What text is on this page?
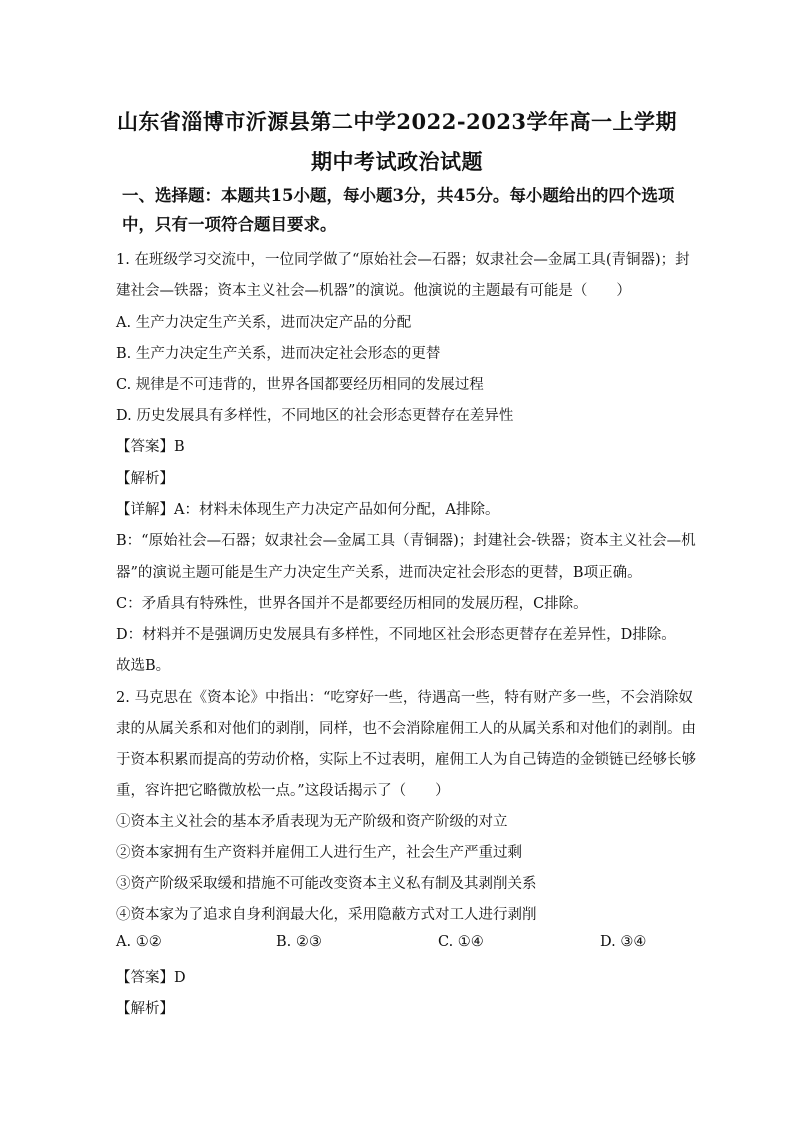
山东省淄博市沂源县第二中学2022-2023学年高一上学期
期中考试政治试题
一、选择题：本题共15小题，每小题3分，共45分。每小题给出的四个选项
中，只有一项符合题目要求。
1. 在班级学习交流中，一位同学做了“原始社会—石器；奴隶社会—金属工具(青铜器)；封
建社会—铁器；资本主义社会—机器”的演说。他演说的主题最有可能是（　　）
A. 生产力决定生产关系，进而决定产品的分配
B. 生产力决定生产关系，进而决定社会形态的更替
C. 规律是不可违背的，世界各国都要经历相同的发展过程
D. 历史发展具有多样性，不同地区的社会形态更替存在差异性
【答案】B
【解析】
【详解】A：材料未体现生产力决定产品如何分配，A排除。
B：“原始社会—石器；奴隶社会—金属工具（青铜器)；封建社会-铁器；资本主义社会—机
器”的演说主题可能是生产力决定生产关系，进而决定社会形态的更替，B项正确。
C：矛盾具有特殊性，世界各国并不是都要经历相同的发展历程，C排除。
D：材料并不是强调历史发展具有多样性，不同地区社会形态更替存在差异性，D排除。
故选B。
2. 马克思在《资本论》中指出：“吃穿好一些，待遇高一些，特有财产多一些，不会消除奴
隶的从属关系和对他们的剥削，同样，也不会消除雇佣工人的从属关系和对他们的剥削。由
于资本积累而提高的劳动价格，实际上不过表明，雇佣工人为自己铸造的金锁链已经够长够
重，容许把它略微放松一点。”这段话揭示了（　　）
①资本主义社会的基本矛盾表现为无产阶级和资产阶级的对立
②资本家拥有生产资料并雇佣工人进行生产，社会生产严重过剩
③资产阶级采取缓和措施不可能改变资本主义私有制及其剥削关系
④资本家为了追求自身利润最大化，采用隐蔽方式对工人进行剥削
A. ①②	B. ②③	C. ①④	D. ③④
【答案】D
【解析】
